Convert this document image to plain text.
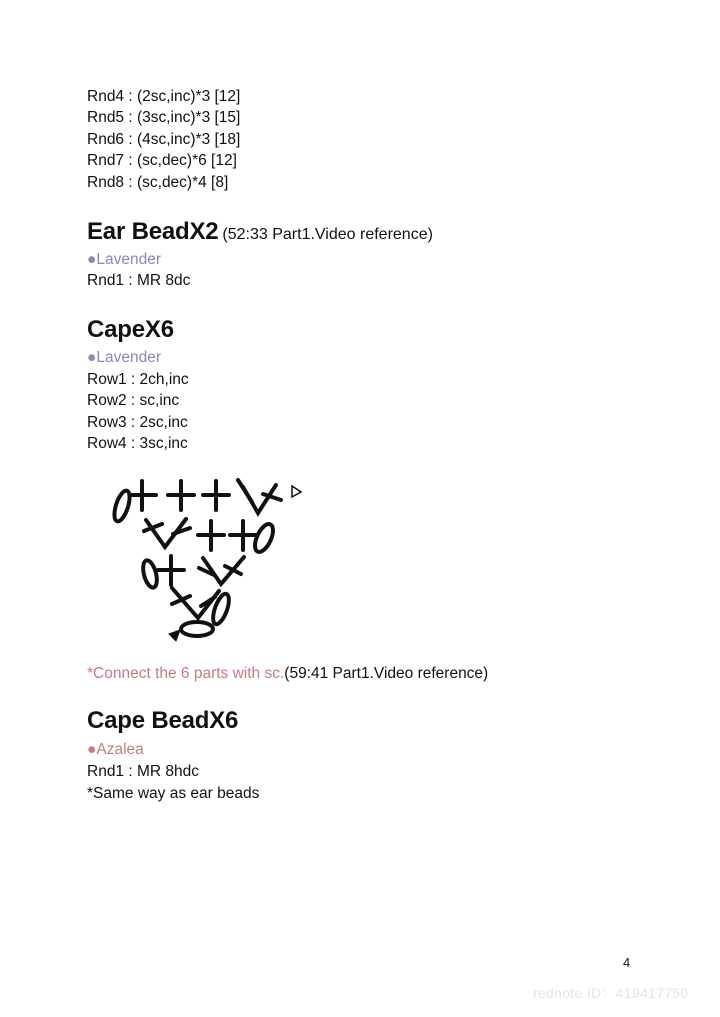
Rnd4 : (2sc,inc)*3 [12]
Rnd5 : (3sc,inc)*3 [15]
Rnd6 : (4sc,inc)*3 [18]
Rnd7 : (sc,dec)*6 [12]
Rnd8 : (sc,dec)*4 [8]
Ear BeadX2 (52:33 Part1.Video reference)
●Lavender
Rnd1 : MR 8dc
CapeX6
●Lavender
Row1 : 2ch,inc
Row2 : sc,inc
Row3 : 2sc,inc
Row4 : 3sc,inc
*Connect the 6 parts with sc.(59:41 Part1.Video reference)
Cape BeadX6
●Azalea
Rnd1 : MR 8hdc
*Same way as ear beads
4
rednote ID：419417750
